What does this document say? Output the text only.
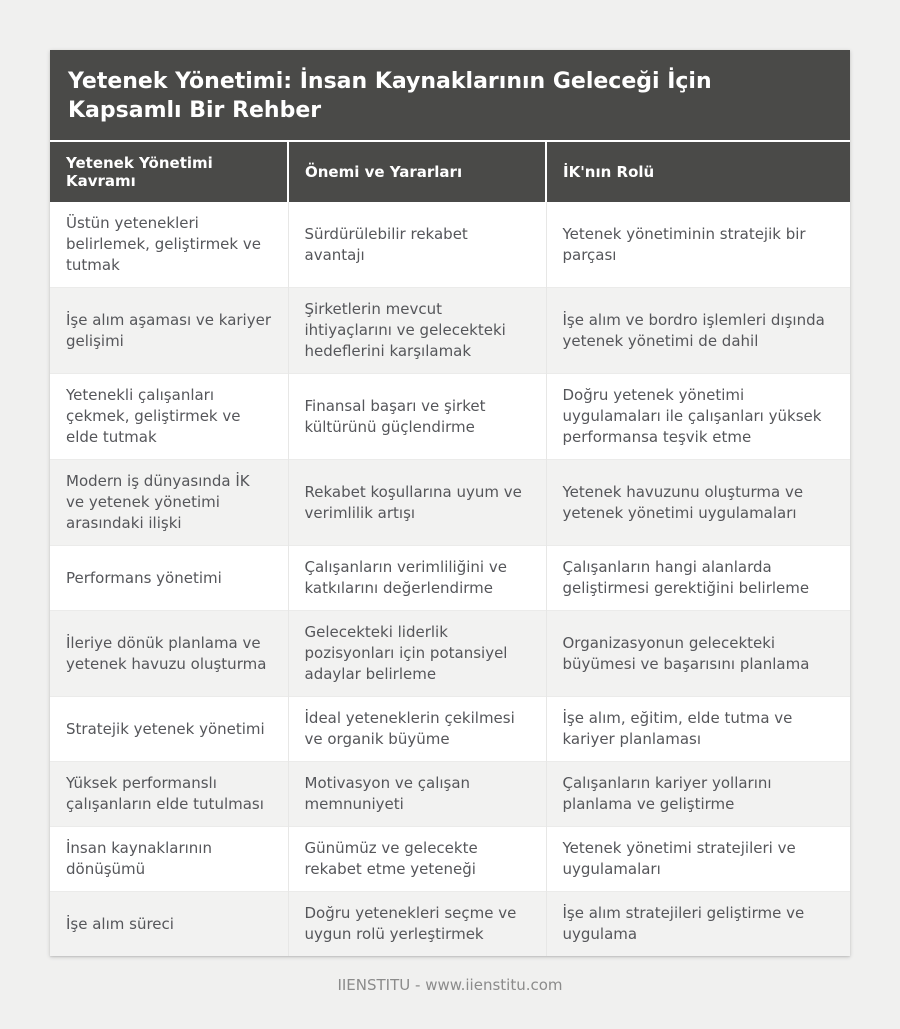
Yetenek Yönetimi: İnsan Kaynaklarının Geleceği İçin Kapsamlı Bir Rehber
Yetenek Yönetimi Kavramı	Önemi ve Yararları	İK'nın Rolü
Üstün yetenekleri belirlemek, geliştirmek ve tutmak	Sürdürülebilir rekabet avantajı	Yetenek yönetiminin stratejik bir parçası
İşe alım aşaması ve kariyer gelişimi	Şirketlerin mevcut ihtiyaçlarını ve gelecekteki hedeflerini karşılamak	İşe alım ve bordro işlemleri dışında yetenek yönetimi de dahil
Yetenekli çalışanları çekmek, geliştirmek ve elde tutmak	Finansal başarı ve şirket kültürünü güçlendirme	Doğru yetenek yönetimi uygulamaları ile çalışanları yüksek performansa teşvik etme
Modern iş dünyasında İK ve yetenek yönetimi arasındaki ilişki	Rekabet koşullarına uyum ve verimlilik artışı	Yetenek havuzunu oluşturma ve yetenek yönetimi uygulamaları
Performans yönetimi	Çalışanların verimliliğini ve katkılarını değerlendirme	Çalışanların hangi alanlarda geliştirmesi gerektiğini belirleme
İleriye dönük planlama ve yetenek havuzu oluşturma	Gelecekteki liderlik pozisyonları için potansiyel adaylar belirleme	Organizasyonun gelecekteki büyümesi ve başarısını planlama
Stratejik yetenek yönetimi	İdeal yeteneklerin çekilmesi ve organik büyüme	İşe alım, eğitim, elde tutma ve kariyer planlaması
Yüksek performanslı çalışanların elde tutulması	Motivasyon ve çalışan memnuniyeti	Çalışanların kariyer yollarını planlama ve geliştirme
İnsan kaynaklarının dönüşümü	Günümüz ve gelecekte rekabet etme yeteneği	Yetenek yönetimi stratejileri ve uygulamaları
İşe alım süreci	Doğru yetenekleri seçme ve uygun rolü yerleştirmek	İşe alım stratejileri geliştirme ve uygulama
IIENSTITU - www.iienstitu.com
